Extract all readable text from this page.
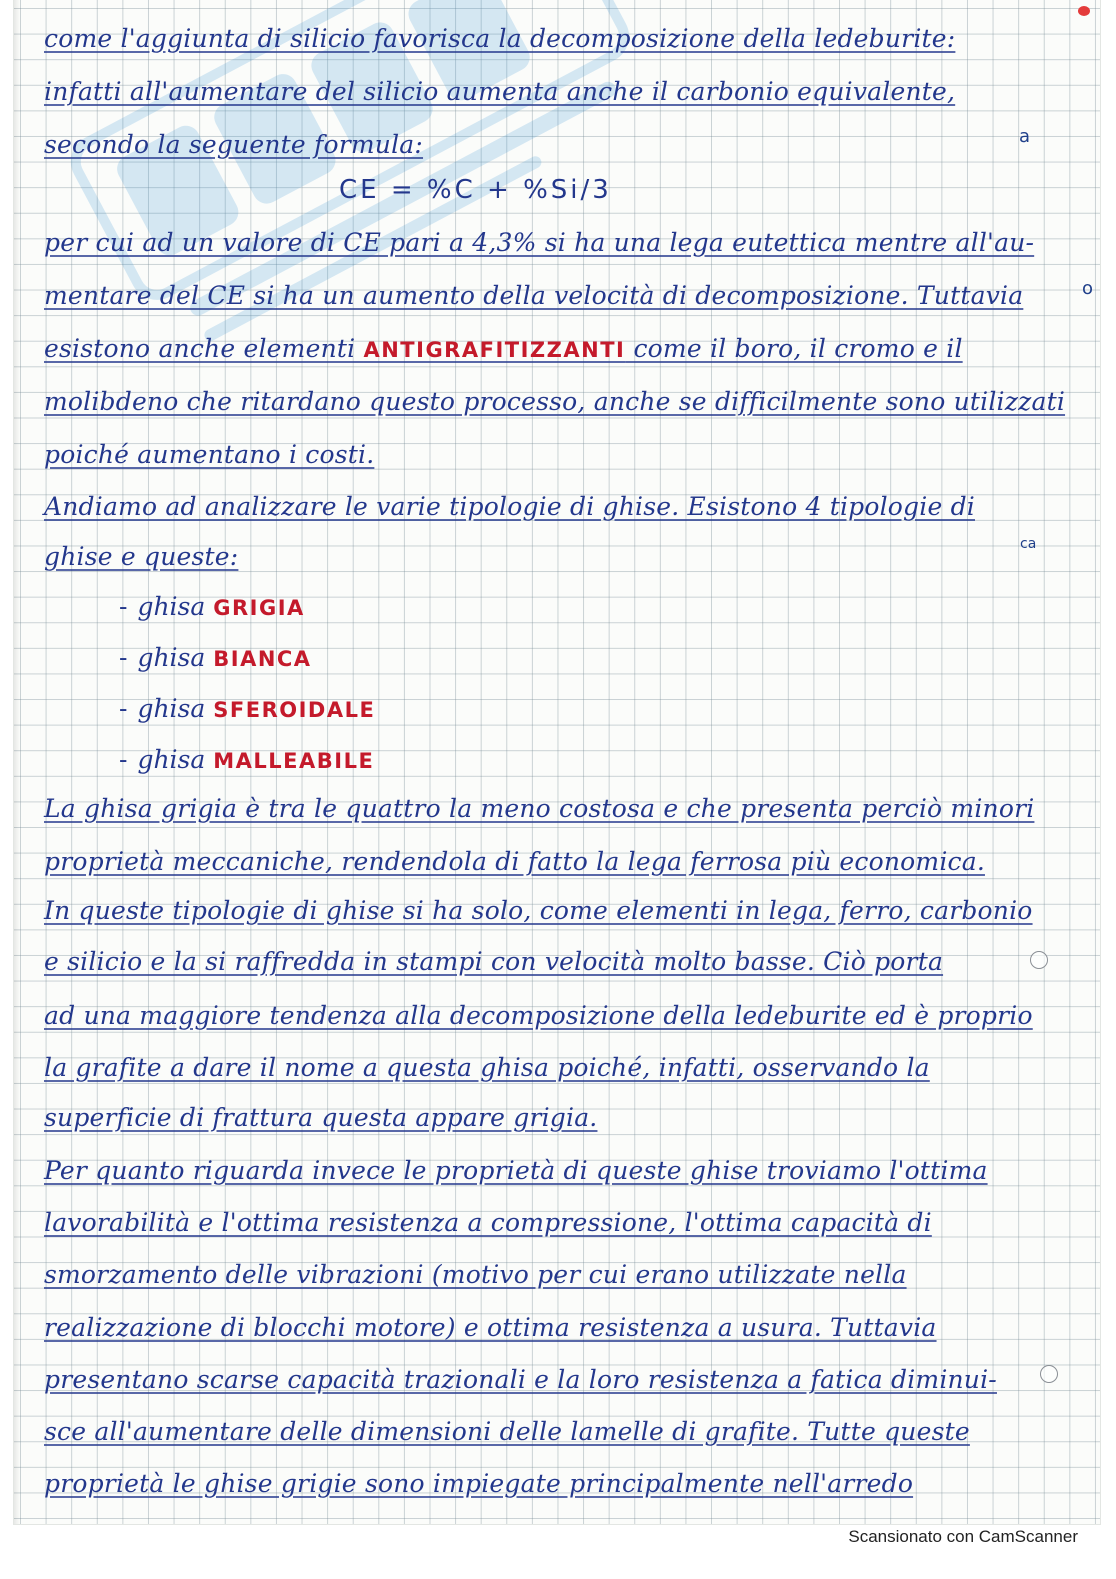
come l'aggiunta di silicio favorisca la decomposizione della ledeburite:
infatti all'aumentare del silicio aumenta anche il carbonio equivalente,
secondo la seguente formula:
CE = %C + %Si/3
per cui ad un valore di CE pari a 4,3% si ha una lega eutettica mentre all'au-
mentare del CE si ha un aumento della velocità di decomposizione. Tuttavia
esistono anche elementi ANTIGRAFITIZZANTI come il boro, il cromo e il
molibdeno che ritardano questo processo, anche se difficilmente sono utilizzati
poiché aumentano i costi.
Andiamo ad analizzare le varie tipologie di ghise. Esistono 4 tipologie di
ghise e queste:
- ghisa GRIGIA
- ghisa BIANCA
- ghisa SFEROIDALE
- ghisa MALLEABILE
La ghisa grigia è tra le quattro la meno costosa e che presenta perciò minori
proprietà meccaniche, rendendola di fatto la lega ferrosa più economica.
In queste tipologie di ghise si ha solo, come elementi in lega, ferro, carbonio
e silicio e la si raffredda in stampi con velocità molto basse. Ciò porta
ad una maggiore tendenza alla decomposizione della ledeburite ed è proprio
la grafite a dare il nome a questa ghisa poiché, infatti, osservando la
superficie di frattura questa appare grigia.
Per quanto riguarda invece le proprietà di queste ghise troviamo l'ottima
lavorabilità e l'ottima resistenza a compressione, l'ottima capacità di
smorzamento delle vibrazioni (motivo per cui erano utilizzate nella
realizzazione di blocchi motore) e ottima resistenza a usura. Tuttavia
presentano scarse capacità trazionali e la loro resistenza a fatica diminui-
sce all'aumentare delle dimensioni delle lamelle di grafite. Tutte queste
proprietà le ghise grigie sono impiegate principalmente nell'arredo
a
o
ca
Scansionato con CamScanner
